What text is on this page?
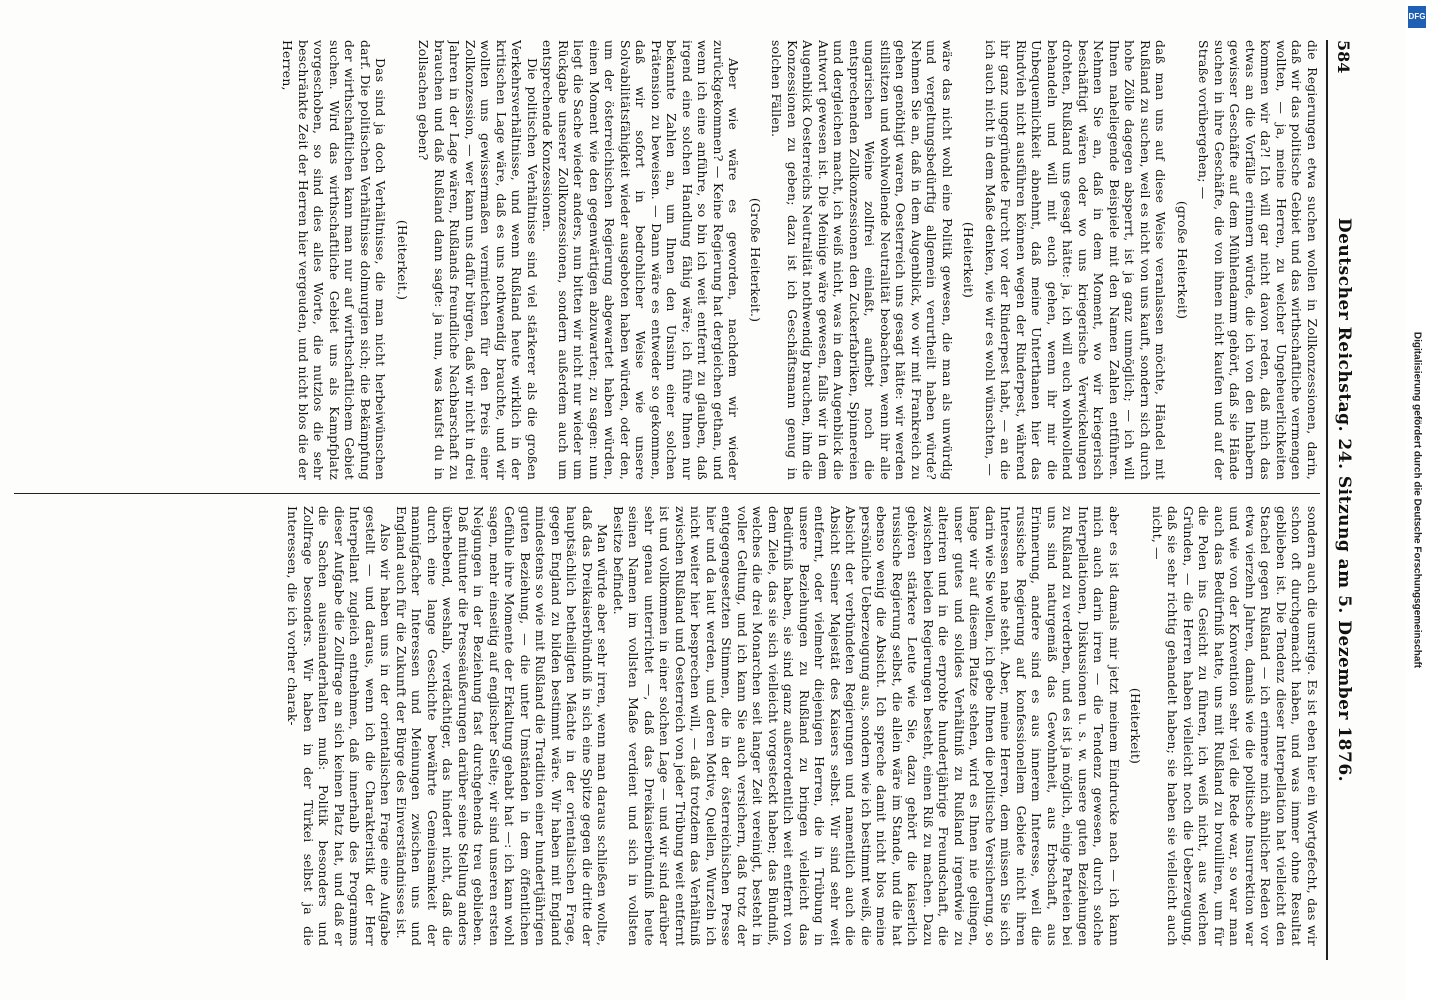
584
Deutscher Reichstag. 24. Sitzung am 5. Dezember 1876.

die Regierungen etwa suchen wollen in Zollkonzessionen, darin, daß wir das politische Gebiet und das wirthschaftliche vermengen wollten, — ja, meine Herren, zu welcher Ungeheuerlichkeiten kommen wir da?! Ich will gar nicht davon reden, daß mich das etwas an die Vorfälle erinnern würde, die ich von den Inhabern gewisser Geschäfte auf dem Mühlendamm gehört, daß sie Hände suchen in ihre Geschäfte, die von ihnen nicht kaufen und auf der Straße vorübergehen; —

(große Heiterkeit)

daß man uns auf diese Weise veranlassen möchte, Händel mit Rußland zu suchen, weil es nicht von uns kauft, sondern sich durch hohe Zölle dagegen absperrt, ist ja ganz unmöglich; — ich will Ihnen naheliegende Beispiele mit den Namen Zahlen entführen. Nehmen Sie an, daß in dem Moment, wo wir kriegerisch beschäftigt wären oder wo uns kriegerische Verwickelungen drohten, Rußland uns gesagt hätte: ja, ich will euch wohlwollend behandeln und will mit euch gehen, wenn ihr mir die Unbequemlichkeit abnehmt, daß meine Unterthanen hier das Rindvieh nicht ausführen können wegen der Rinderpest, während ihr ganz ungegründete Furcht vor der Rinderpest habt, — an die ich auch nicht in dem Maße denken, wie wir es wohl wünschten, —

(Heiterkeit)

wäre das nicht wohl eine Politik gewesen, die man als unwürdig und vergeltungsbedürftig allgemein verurtheilt haben würde? Nehmen Sie an, daß in dem Augenblick, wo wir mit Frankreich zu gehen genöthigt waren, Oesterreich uns gesagt hätte: wir werden stillsitzen und wohlwollende Neutralität beobachten, wenn ihr alle ungarischen Weine zollfrei einlaßt, aufhebt noch die entsprechenden Zollkonzessionen den Zuckerfabriken, Spinnereien und dergleichen macht, ich weiß nicht, was in dem Augenblick die Antwort gewesen ist. Die Meinige wäre gewesen, falls wir in dem Augenblick Oesterreichs Neutralität nothwendig brauchen, ihm die Konzessionen zu geben; dazu ist ich Geschäftsmann genug in solchen Fällen.

(Große Heiterkeit.)

Aber wie wäre es geworden, nachdem wir wieder zurückgekommen? — Keine Regierung hat dergleichen gethan, und wenn ich eine anführe, so bin ich weit entfernt zu glauben, daß irgend eine solchen Handlung fähig wäre; ich führe Ihnen nur bekannte Zahlen an, um Ihnen den Unsinn einer solchen Prätension zu beweisen. — Dann wäre es entweder so gekommen, daß wir sofort in bedrohlicher Weise wie unsere Solvabilitätsfähigkeit wieder ausgeboten haben würden, oder den, um der österreichischen Regierung abgewartet haben würden, einen Moment wie den gegenwärtigen abzuwarten; zu sagen: nun liegt die Sache wieder anders, nun bitten wir nicht nur wieder um Rückgabe unserer Zollkonzessionen, sondern außerdem auch um entsprechende Konzessionen.

Die politischen Verhältnisse sind viel stärkerer als die großen Verkehrsverhältnisse, und wenn Rußland heute wirklich in der kritischen Lage wäre, daß es uns nothwendig brauchte, und wir wollten uns gewissermaßen vermietchen für den Preis einer Zollkonzession, — wer kann uns dafür bürgen, daß wir nicht in drei Jahren in der Lage wären, Rußlands freundliche Nachbarschaft zu brauchen und daß Rußland dann sagte: ja nun, was kaufst du in Zollsachen geben?

(Heiterkeit.)

Das sind ja doch Verhältnisse, die man nicht herbeiwünschen darf. Die politischen Verhältnisse dolmurgien sich; die Bekämpfung der wirthschaftlichen kann man nur auf wirthschaftlichem Gebiet suchen. Wird das wirthschaftliche Gebiet uns als Kampfplatz vorgeschoben, so sind dies alles Worte, die nutzlos die sehr beschränkte Zeit der Herren hier vergeuden, und nicht blos die der Herren,

sondern auch die unsrige. Es ist eben hier ein Wortgefecht, das wir schon oft durchgemacht haben, und was immer ohne Resultat geblieben ist. Die Tendenz dieser Interpellation hat vielleicht den Stachel gegen Rußland — ich erinnere mich ähnlicher Reden vor etwa vierzehn Jahren, damals wie die politische Insurrektion war und wie von der Konvention sehr viel die Rede war, so war man auch das Bedürfniß hatte, uns mit Rußland zu brouilliren, um für die Polen ins Gesicht zu führen, ich weiß nicht, aus welchen Gründen, — die Herren haben vielleicht noch die Ueberzeugung, daß sie sehr richtig gehandelt haben; sie haben sie vielleicht auch nicht, —

(Heiterkeit)

aber es ist damals mir jetzt meinem Eindrucke nach — ich kann mich auch darin irren — die Tendenz gewesen, durch solche Interpellationen, Diskussionen u. s. w. unsere guten Beziehungen zu Rußland zu verderben, und es ist ja möglich, einige Parteien bei uns sind naturgemäß das Gewohnheit, aus Erbschaft, aus Erinnerung, andere sind es aus innerem Interesse, weil die russische Regierung auf konfessionellem Gebiete nicht ihren Interessen nahe steht. Aber, meine Herren, dem müssen Sie sich darin wie Sie wollen, ich gebe Ihnen die politische Versicherung, so lange wir auf diesem Platze stehen, wird es Ihnen nie gelingen, unser gutes und solides Verhältniß zu Rußland irgendwie zu alteriren und in die erprobte hundertjährige Freundschaft, die zwischen beiden Regierungen besteht, einen Riß zu machen. Dazu gehören stärkere Leute wie Sie, dazu gehört die kaiserlich russische Regierung selbst, die allein wäre im Stande, und die hat ebenso wenig die Absicht. Ich spreche damit nicht blos meine persönliche Ueberzeugung aus, sondern wie ich bestimmt weiß, die Absicht der verbündeten Regierungen und namentlich auch die Absicht Seiner Majestät des Kaisers selbst. Wir sind sehr weit entfernt, oder vielmehr diejenigen Herren, die in Trübung in unsere Beziehungen zu Rußland zu bringen vielleicht das Bedürfniß haben, sie sind ganz außerordentlich weit entfernt von dem Ziele, das sie sich vielleicht vorgesteckt haben; das Bündniß, welches die drei Monarchen seit langer Zeit vereinigt, besteht in voller Geltung, und ich kann Sie auch versichern, daß trotz der entgegengesetzten Stimmen, die in der österreichischen Presse hier und da laut werden, und deren Motive, Quellen, Wurzeln ich nicht weiter hier besprechen will, — daß trotzdem das Verhältniß zwischen Rußland und Oesterreich von jeder Trübung weit entfernt ist und vollkommen in einer solchen Lage — und wir sind darüber sehr genau unterrichtet —, daß das Dreikaiserbündniß heute seinen Namen im vollsten Maße verdient und sich in vollsten Besitze befindet.

Man würde aber sehr irren, wenn man daraus schließen wollte, daß das Dreikaiserbündniß in sich eine Spitze gegen die dritte der hauptsächlich betheiligten Mächte in der orientalischen Frage, gegen England zu bilden bestimmt wäre. Wir haben mit England mindestens so wie mit Rußland die Tradition einer hundertjährigen guten Beziehung, — die unter Umständen in dem öffentlichen Gefühle ihre Momente der Erkaltung gehabt hat —: ich kann wohl sagen, mehr einseitig auf englischer Seite; wir sind unseren ersten Neigungen in der Beziehung fast durchgehends treu geblieben. Daß mitunter die Presseäußerungen darüber seine Stellung anders überhebend, weshalb, verdächtiger, das hindert nicht, daß die durch eine lange Geschichte bewährte Gemeinsamkeit der mannigfacher Interessen und Meinungen zwischen uns und England auch für die Zukunft der Bürge des Einverständnisses ist.

Also wir haben uns in der orientalischen Frage eine Aufgabe gestellt — und daraus, wenn ich die Charakteristik der Herr Interpellant zugleich entnehmen, daß innerhalb des Programms dieser Aufgabe die Zollfrage an sich keinen Platz hat, und daß er die Sachen auseinanderhalten muß: Politik besonders und Zollfrage besonders. Wir haben in der Türkei selbst ja die Interessen, die ich vorher charak-

DFG
Digitalisierung gefördert durch die Deutsche Forschungsgemeinschaft
